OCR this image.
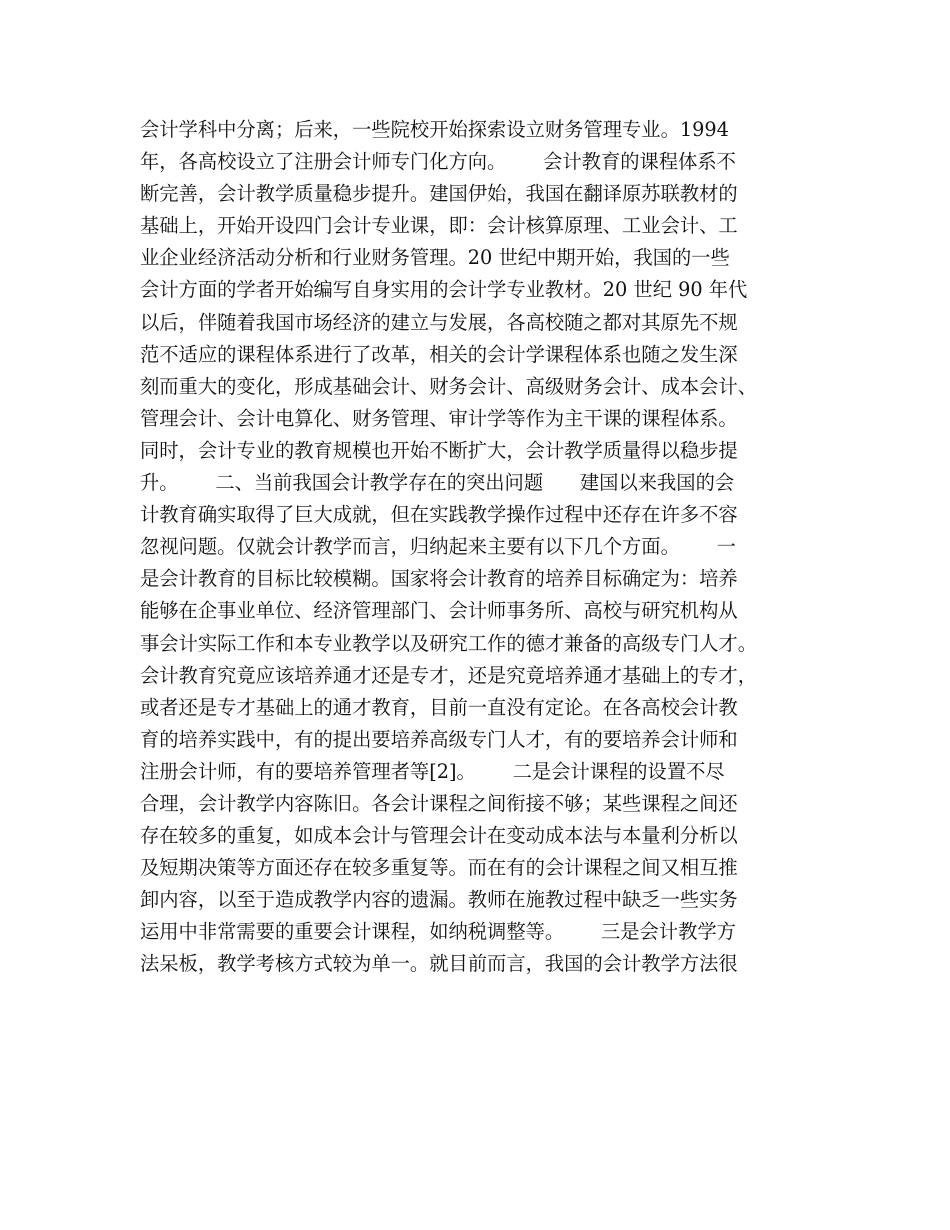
会计学科中分离；后来，一些院校开始探索设立财务管理专业。1994
年，各高校设立了注册会计师专门化方向。      会计教育的课程体系不
断完善，会计教学质量稳步提升。建国伊始，我国在翻译原苏联教材的
基础上，开始开设四门会计专业课，即：会计核算原理、工业会计、工
业企业经济活动分析和行业财务管理。20 世纪中期开始，我国的一些
会计方面的学者开始编写自身实用的会计学专业教材。20 世纪 90 年代
以后，伴随着我国市场经济的建立与发展，各高校随之都对其原先不规
范不适应的课程体系进行了改革，相关的会计学课程体系也随之发生深
刻而重大的变化，形成基础会计、财务会计、高级财务会计、成本会计、
管理会计、会计电算化、财务管理、审计学等作为主干课的课程体系。
同时，会计专业的教育规模也开始不断扩大，会计教学质量得以稳步提
升。      二、当前我国会计教学存在的突出问题      建国以来我国的会
计教育确实取得了巨大成就，但在实践教学操作过程中还存在许多不容
忽视问题。仅就会计教学而言，归纳起来主要有以下几个方面。      一
是会计教育的目标比较模糊。国家将会计教育的培养目标确定为：培养
能够在企事业单位、经济管理部门、会计师事务所、高校与研究机构从
事会计实际工作和本专业教学以及研究工作的德才兼备的高级专门人才。
会计教育究竟应该培养通才还是专才，还是究竟培养通才基础上的专才，
或者还是专才基础上的通才教育，目前一直没有定论。在各高校会计教
育的培养实践中，有的提出要培养高级专门人才，有的要培养会计师和
注册会计师，有的要培养管理者等[2]。      二是会计课程的设置不尽
合理，会计教学内容陈旧。各会计课程之间衔接不够；某些课程之间还
存在较多的重复，如成本会计与管理会计在变动成本法与本量利分析以
及短期决策等方面还存在较多重复等。而在有的会计课程之间又相互推
卸内容，以至于造成教学内容的遗漏。教师在施教过程中缺乏一些实务
运用中非常需要的重要会计课程，如纳税调整等。      三是会计教学方
法呆板，教学考核方式较为单一。就目前而言，我国的会计教学方法很
